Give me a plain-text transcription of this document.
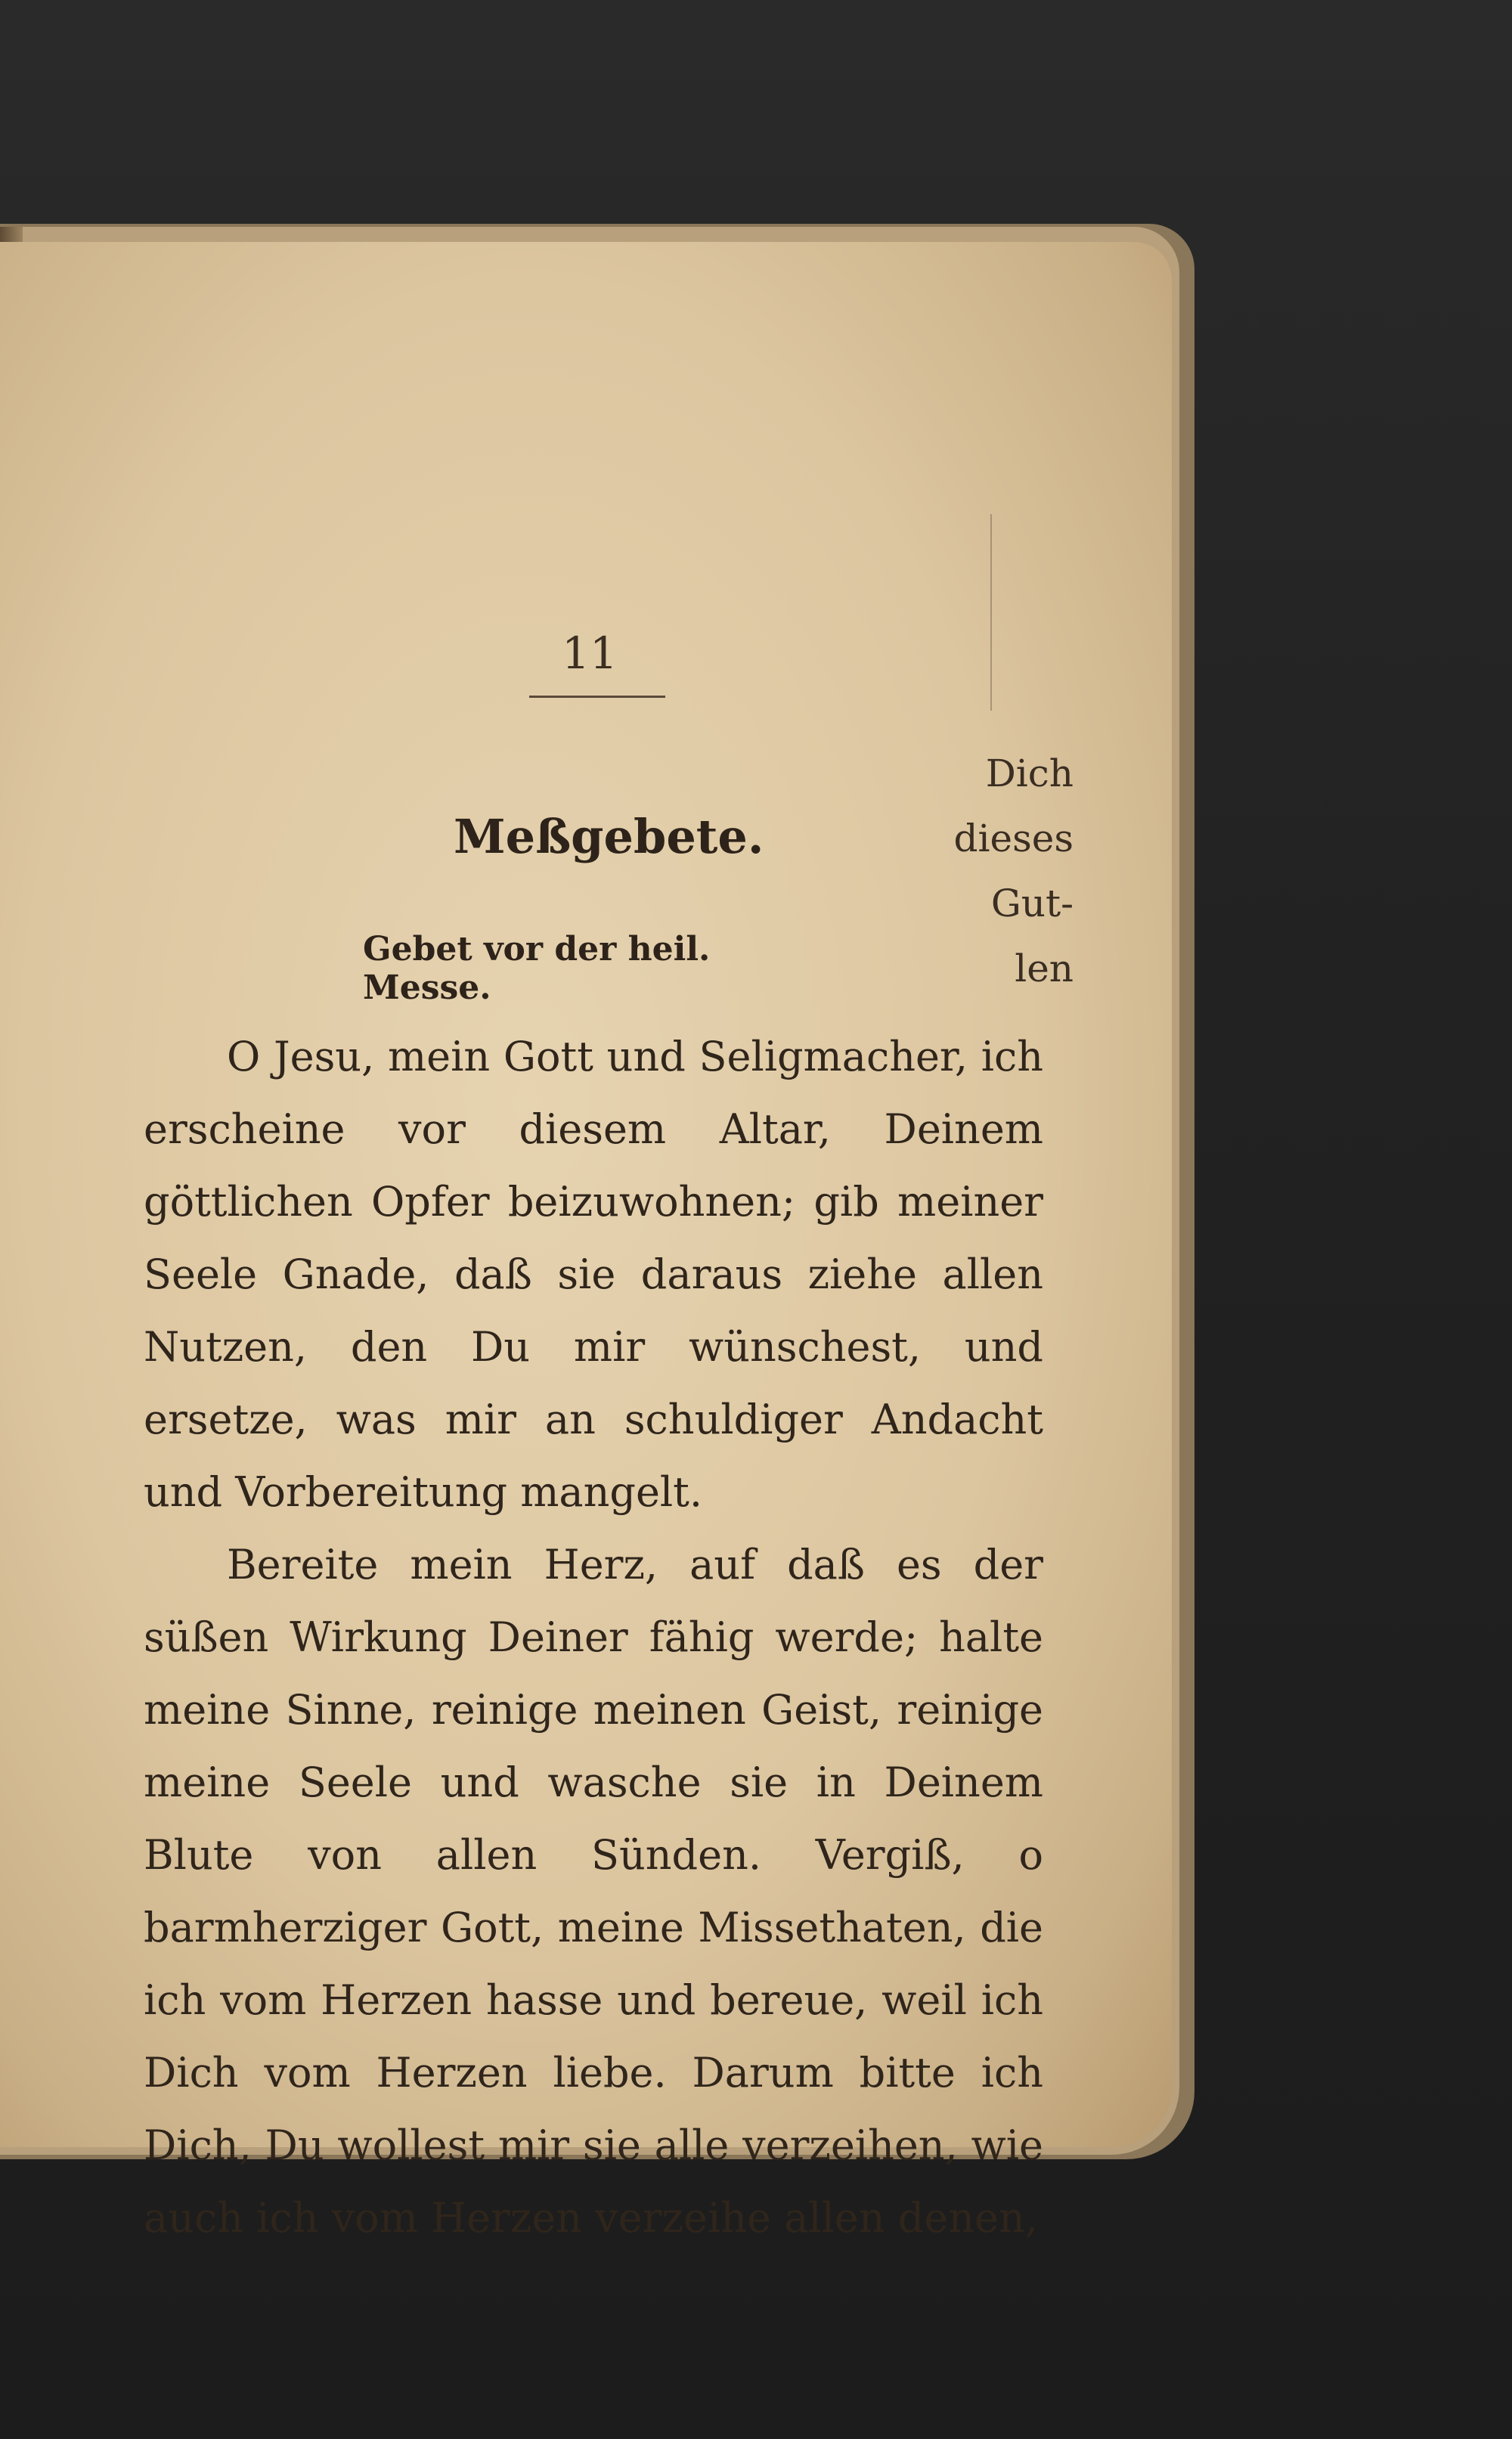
11
Dich
dieses
Gut-
len
Meßgebete.
Gebet vor der heil. Messe.

O Jesu, mein Gott und Seligmacher, ich erscheine vor diesem Altar, Deinem göttlichen Opfer beizuwohnen; gib meiner Seele Gnade, daß sie daraus ziehe allen Nutzen, den Du mir wünschest, und ersetze, was mir an schuldiger Andacht und Vorbereitung mangelt.

Bereite mein Herz, auf daß es der süßen Wirkung Deiner fähig werde; halte meine Sinne, reinige meinen Geist, reinige meine Seele und wasche sie in Deinem Blute von allen Sünden. Vergiß, o barmherziger Gott, meine Missethaten, die ich vom Herzen hasse und bereue, weil ich Dich vom Herzen liebe. Darum bitte ich Dich, Du wollest mir sie alle verzeihen, wie auch ich vom Herzen verzeihe allen denen,
